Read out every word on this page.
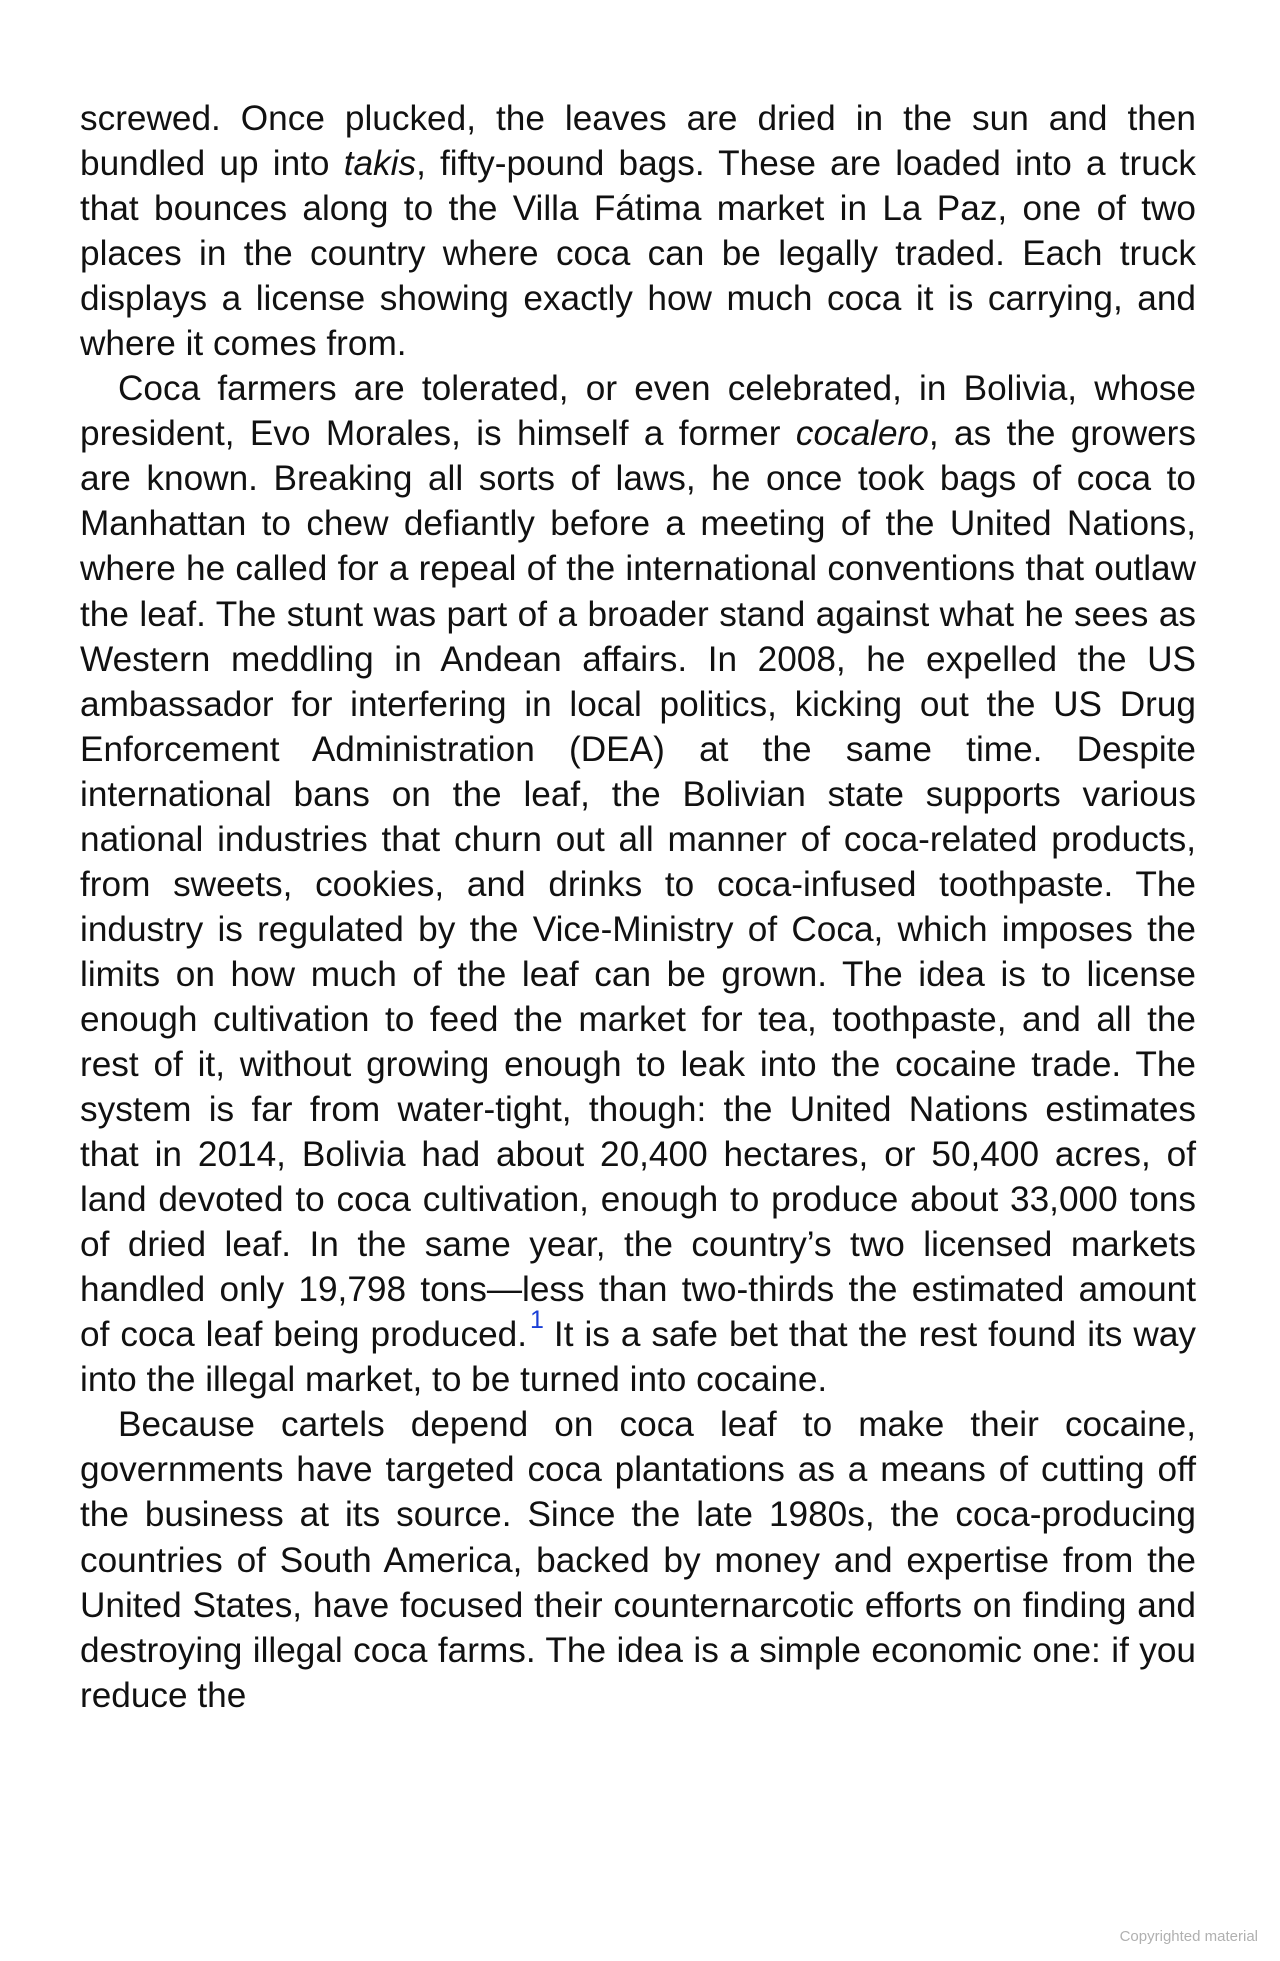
screwed. Once plucked, the leaves are dried in the sun and then bundled up into takis, fifty-pound bags. These are loaded into a truck that bounces along to the Villa Fátima market in La Paz, one of two places in the country where coca can be legally traded. Each truck displays a license showing exactly how much coca it is carrying, and where it comes from.

Coca farmers are tolerated, or even celebrated, in Bolivia, whose president, Evo Morales, is himself a former cocalero, as the growers are known. Breaking all sorts of laws, he once took bags of coca to Manhattan to chew defiantly before a meeting of the United Nations, where he called for a repeal of the international conventions that outlaw the leaf. The stunt was part of a broader stand against what he sees as Western meddling in Andean affairs. In 2008, he expelled the US ambassador for interfering in local politics, kicking out the US Drug Enforcement Administration (DEA) at the same time. Despite international bans on the leaf, the Bolivian state supports various national industries that churn out all manner of coca-related products, from sweets, cookies, and drinks to coca-infused toothpaste. The industry is regulated by the Vice-Ministry of Coca, which imposes the limits on how much of the leaf can be grown. The idea is to license enough cultivation to feed the market for tea, toothpaste, and all the rest of it, without growing enough to leak into the cocaine trade. The system is far from water-tight, though: the United Nations estimates that in 2014, Bolivia had about 20,400 hectares, or 50,400 acres, of land devoted to coca cultivation, enough to produce about 33,000 tons of dried leaf. In the same year, the country’s two licensed markets handled only 19,798 tons—less than two-thirds the estimated amount of coca leaf being produced. $^1$ It is a safe bet that the rest found its way into the illegal market, to be turned into cocaine.

Because cartels depend on coca leaf to make their cocaine, governments have targeted coca plantations as a means of cutting off the business at its source. Since the late 1980s, the coca-producing countries of South America, backed by money and expertise from the United States, have focused their counternarcotic efforts on finding and destroying illegal coca farms. The idea is a simple economic one: if you reduce the

Copyrighted material
